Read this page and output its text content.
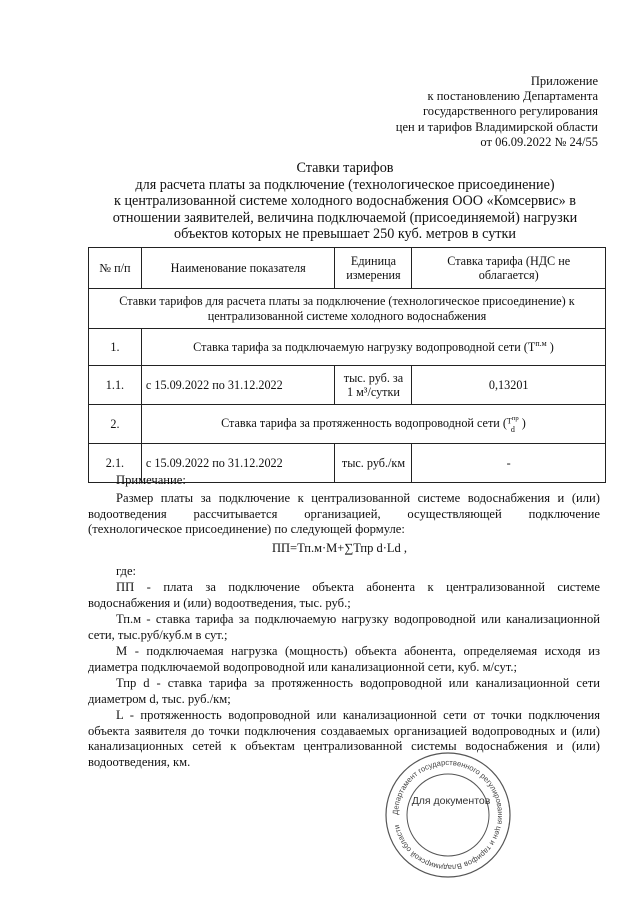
Приложение
к постановлению Департамента
государственного регулирования
цен и тарифов Владимирской области
от 06.09.2022 № 24/55
Ставки тарифов
для расчета платы за подключение (технологическое присоединение)
к централизованной системе холодного водоснабжения ООО «Комсервис» в
отношении заявителей, величина подключаемой (присоединяемой) нагрузки
объектов которых не превышает 250 куб. метров в сутки
№ п/п	Наименование показателя	Единица измерения	Ставка тарифа (НДС не облагается)
Ставки тарифов для расчета платы за подключение (технологическое присоединение) к централизованной системе холодного водоснабжения			
1.	Ставка тарифа за подключаемую нагрузку водопроводной сети ($Т^{п.м}$ )		
1.1.	с 15.09.2022 по 31.12.2022	тыс. руб. за 1 м³/сутки	0,13201
2.	Ставка тарифа за протяженность водопроводной сети ($Т^{пр}$
d )		
2.1.	с 15.09.2022 по 31.12.2022	тыс. руб./км	-

Примечание:

Размер платы за подключение к централизованной системе водоснабжения и (или) водоотведения рассчитывается организацией, осуществляющей подключение (технологическое присоединение) по следующей формуле:

ПП=Тп.м·М+∑Тпр d·Ld ,

где:

ПП - плата за подключение объекта абонента к централизованной системе водоснабжения и (или) водоотведения, тыс. руб.;

Тп.м - ставка тарифа за подключаемую нагрузку водопроводной или канализационной сети, тыс.руб/куб.м в сут.;

М - подключаемая нагрузка (мощность) объекта абонента, определяемая исходя из диаметра подключаемой водопроводной или канализационной сети, куб. м/сут.;

Тпр d - ставка тарифа за протяженность водопроводной или канализационной сети диаметром d, тыс. руб./км;

L - протяженность водопроводной или канализационной сети от точки подключения объекта заявителя до точки подключения создаваемых организацией водопроводных и (или) канализационных сетей к объектам централизованной системы водоснабжения и (или) водоотведения, км.

Департамент государственного регулирования цен и тарифов Владимирской области
Для документов
